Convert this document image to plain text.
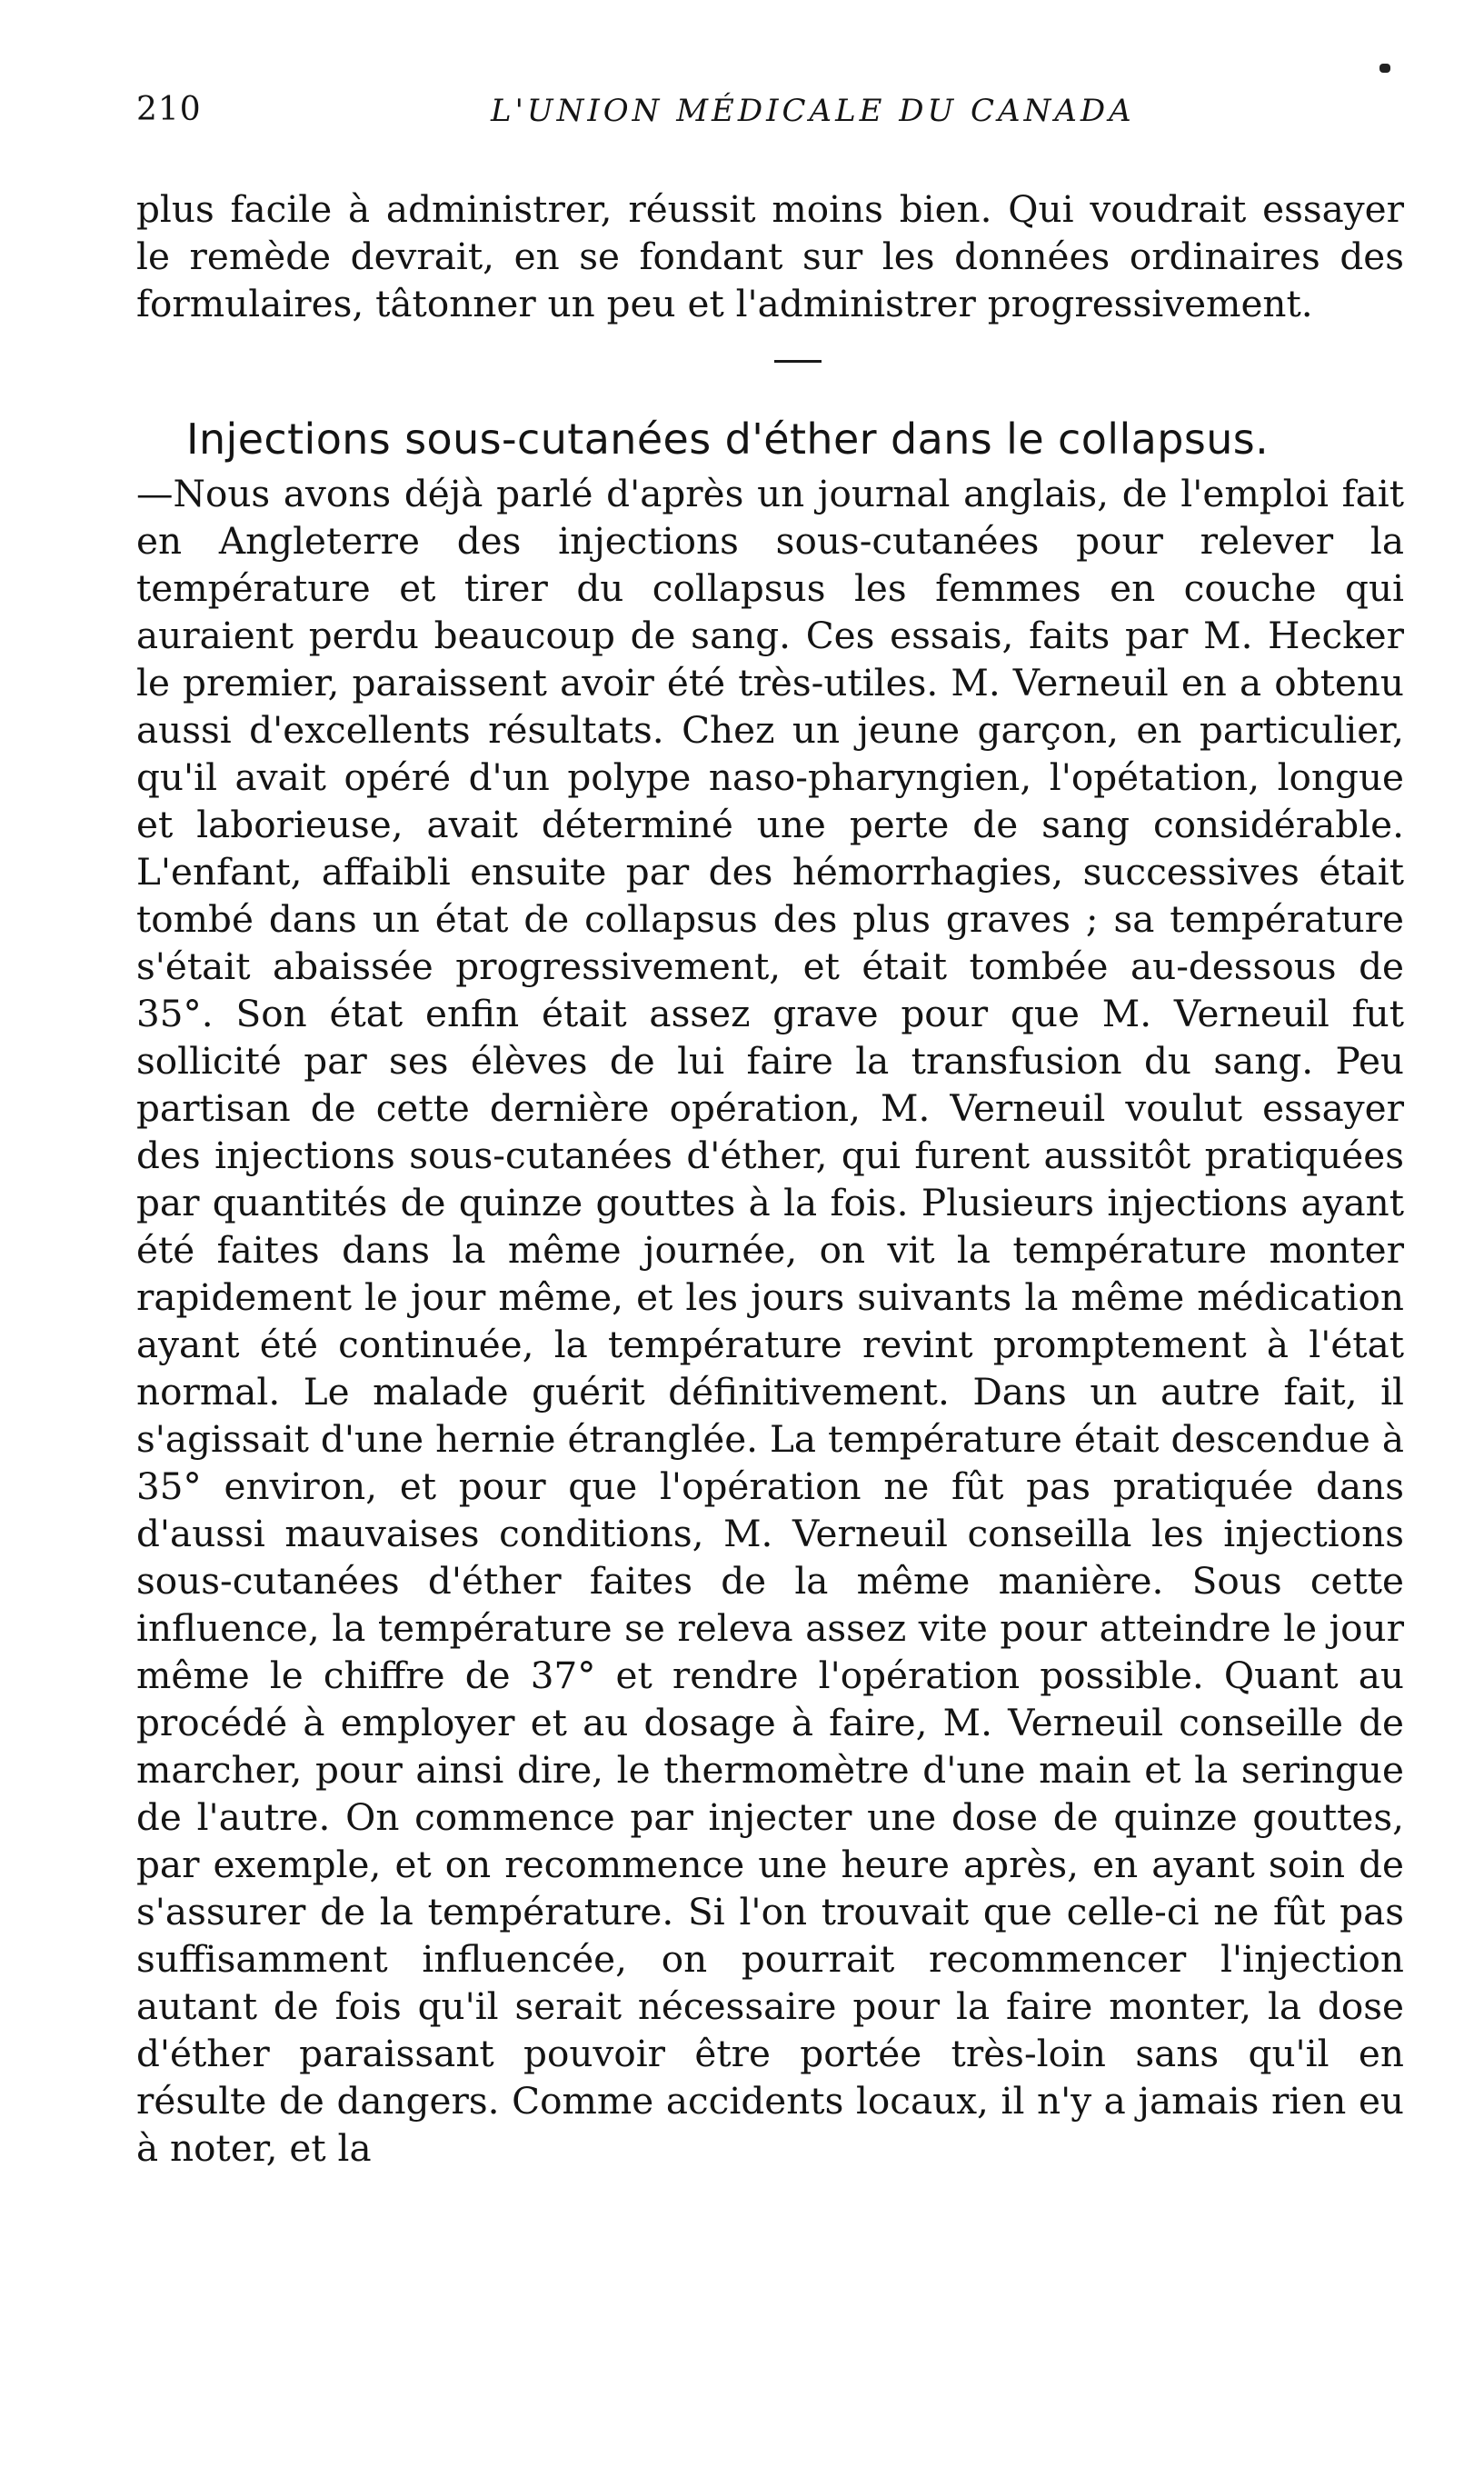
210	L'UNION MÉDICALE DU CANADA

plus facile à administrer, réussit moins bien. Qui voudrait essayer le remède devrait, en se fondant sur les données ordinaires des formulaires, tâtonner un peu et l'administrer progressivement.

Injections sous-cutanées d'éther dans le collapsus.

—Nous avons déjà parlé d'après un journal anglais, de l'emploi fait en Angleterre des injections sous-cutanées pour relever la température et tirer du collapsus les femmes en couche qui auraient perdu beaucoup de sang. Ces essais, faits par M. Hecker le premier, paraissent avoir été très-utiles. M. Verneuil en a obtenu aussi d'excellents résultats. Chez un jeune garçon, en particulier, qu'il avait opéré d'un polype naso-pharyngien, l'opétation, longue et laborieuse, avait déterminé une perte de sang considérable. L'enfant, affaibli ensuite par des hémorrhagies, successives était tombé dans un état de collapsus des plus graves ; sa température s'était abaissée progressivement, et était tombée au-dessous de 35°. Son état enfin était assez grave pour que M. Verneuil fut sollicité par ses élèves de lui faire la transfusion du sang. Peu partisan de cette dernière opération, M. Verneuil voulut essayer des injections sous-cutanées d'éther, qui furent aussitôt pratiquées par quantités de quinze gouttes à la fois. Plusieurs injections ayant été faites dans la même journée, on vit la température monter rapidement le jour même, et les jours suivants la même médication ayant été continuée, la température revint promptement à l'état normal. Le malade guérit définitivement. Dans un autre fait, il s'agissait d'une hernie étranglée. La température était descendue à 35° environ, et pour que l'opération ne fût pas pratiquée dans d'aussi mauvaises conditions, M. Verneuil conseilla les injections sous-cutanées d'éther faites de la même manière. Sous cette influence, la température se releva assez vite pour atteindre le jour même le chiffre de 37° et rendre l'opération possible. Quant au procédé à employer et au dosage à faire, M. Verneuil conseille de marcher, pour ainsi dire, le thermomètre d'une main et la seringue de l'autre. On commence par injecter une dose de quinze gouttes, par exemple, et on recommence une heure après, en ayant soin de s'assurer de la température. Si l'on trouvait que celle-ci ne fût pas suffisamment influencée, on pourrait recommencer l'injection autant de fois qu'il serait nécessaire pour la faire monter, la dose d'éther paraissant pouvoir être portée très-loin sans qu'il en résulte de dangers. Comme accidents locaux, il n'y a jamais rien eu à noter, et la
